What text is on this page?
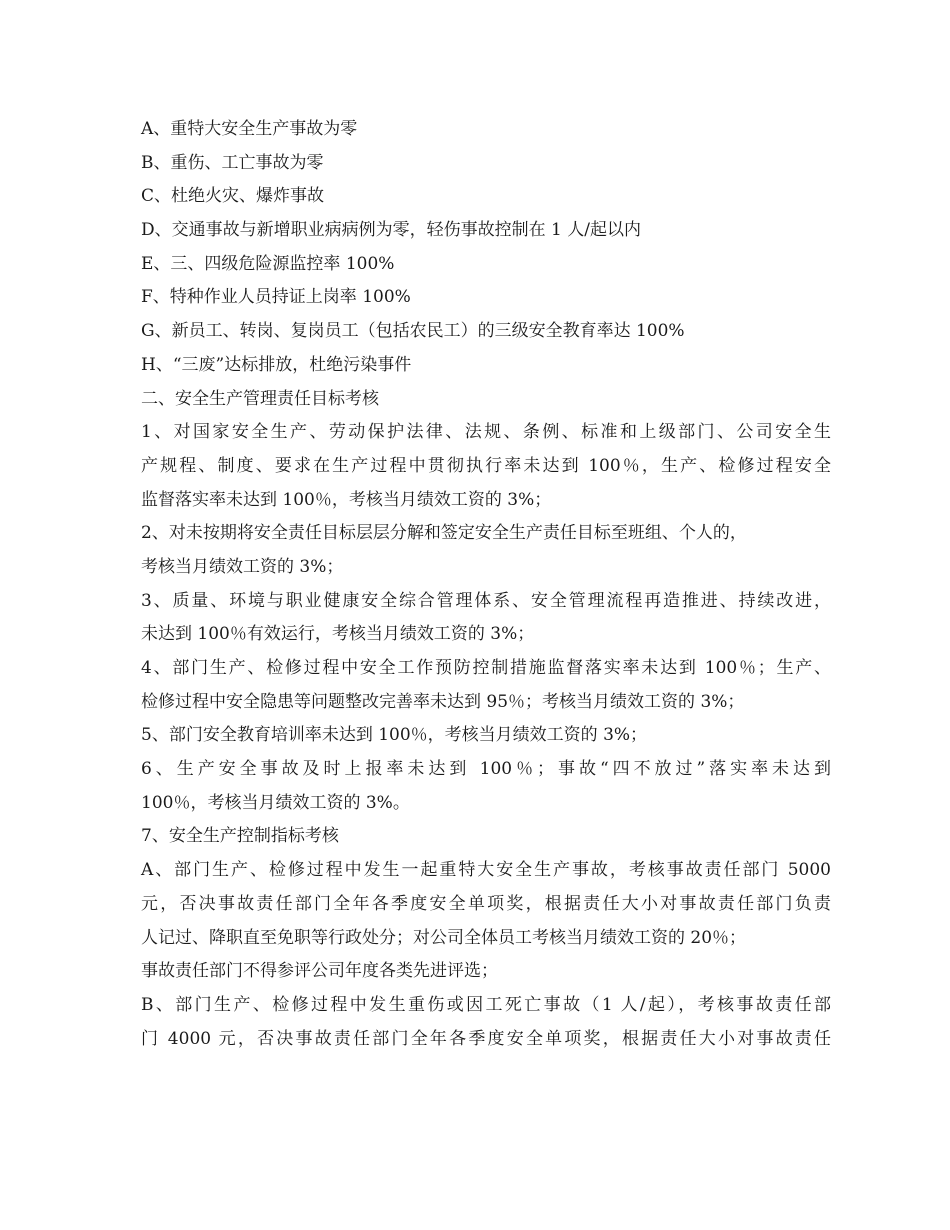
A、重特大安全生产事故为零
B、重伤、工亡事故为零
C、杜绝火灾、爆炸事故
D、交通事故与新增职业病病例为零，轻伤事故控制在 1 人/起以内
E、三、四级危险源监控率 100%
F、特种作业人员持证上岗率 100%
G、新员工、转岗、复岗员工（包括农民工）的三级安全教育率达 100%
H、“三废”达标排放，杜绝污染事件
二、安全生产管理责任目标考核
1、对国家安全生产、劳动保护法律、法规、条例、标准和上级部门、公司安全生
产规程、制度、要求在生产过程中贯彻执行率未达到 100％，生产、检修过程安全
监督落实率未达到 100％，考核当月绩效工资的 3%；
2、对未按期将安全责任目标层层分解和签定安全生产责任目标至班组、个人的，
考核当月绩效工资的 3%；
3、质量、环境与职业健康安全综合管理体系、安全管理流程再造推进、持续改进，
未达到 100％有效运行，考核当月绩效工资的 3%；
4、部门生产、检修过程中安全工作预防控制措施监督落实率未达到 100％；生产、
检修过程中安全隐患等问题整改完善率未达到 95％；考核当月绩效工资的 3%；
5、部门安全教育培训率未达到 100％，考核当月绩效工资的 3%；
6、生产安全事故及时上报率未达到 100％；事故“四不放过”落实率未达到
100％，考核当月绩效工资的 3%。
7、安全生产控制指标考核
A、部门生产、检修过程中发生一起重特大安全生产事故，考核事故责任部门 5000
元，否决事故责任部门全年各季度安全单项奖，根据责任大小对事故责任部门负责
人记过、降职直至免职等行政处分；对公司全体员工考核当月绩效工资的 20％；
事故责任部门不得参评公司年度各类先进评选；
B、部门生产、检修过程中发生重伤或因工死亡事故（1 人/起），考核事故责任部
门 4000 元，否决事故责任部门全年各季度安全单项奖，根据责任大小对事故责任
